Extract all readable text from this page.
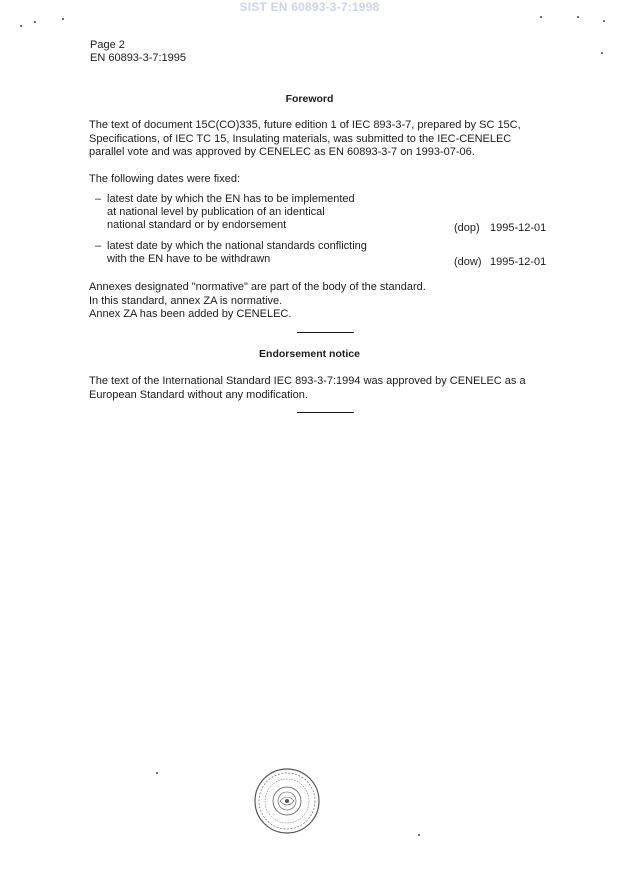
SIST EN 60893-3-7:1998
Page 2
EN 60893-3-7:1995
Foreword
The text of document 15C(CO)335, future edition 1 of IEC 893-3-7, prepared by SC 15C,
Specifications, of IEC TC 15, Insulating materials, was submitted to the IEC-CENELEC
parallel vote and was approved by CENELEC as EN 60893-3-7 on 1993-07-06.
The following dates were fixed:
– latest date by which the EN has to be implemented
at national level by publication of an identical
national standard or by endorsement	(dop) 1995-12-01
– latest date by which the national standards conflicting
with the EN have to be withdrawn	(dow) 1995-12-01
Annexes designated "normative" are part of the body of the standard.
In this standard, annex ZA is normative.
Annex ZA has been added by CENELEC.
Endorsement notice
The text of the International Standard IEC 893-3-7:1994 was approved by CENELEC as a
European Standard without any modification.
